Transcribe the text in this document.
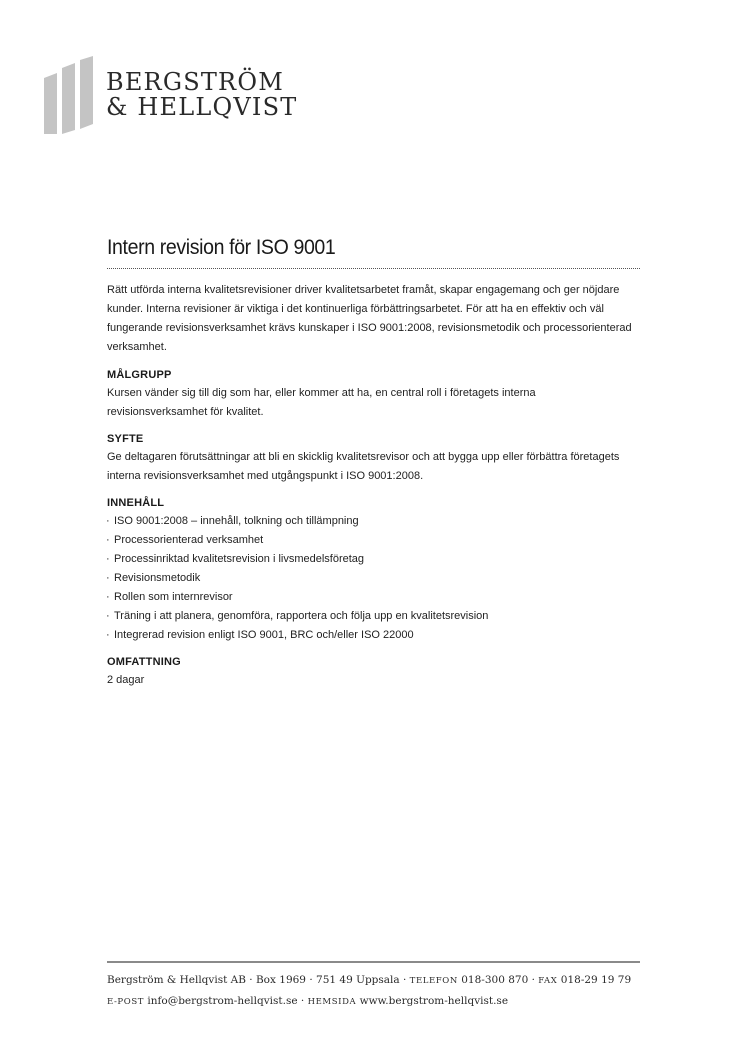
BERGSTRÖM
& HELLQVIST
Intern revision för ISO 9001

Rätt utförda interna kvalitetsrevisioner driver kvalitetsarbetet framåt, skapar engagemang och ger nöjdare kunder. Interna revisioner är viktiga i det kontinuerliga förbättringsarbetet. För att ha en effektiv och väl fungerande revisionsverksamhet krävs kunskaper i ISO 9001:2008, revisionsmetodik och processorienterad verksamhet.

MÅLGRUPP

Kursen vänder sig till dig som har, eller kommer att ha, en central roll i företagets interna revisionsverksamhet för kvalitet.

SYFTE

Ge deltagaren förutsättningar att bli en skicklig kvalitetsrevisor och att bygga upp eller förbättra företagets interna revisionsverksamhet med utgångspunkt i ISO 9001:2008.

INNEHÅLL
· ISO 9001:2008 – innehåll, tolkning och tillämpning
· Processorienterad verksamhet
· Processinriktad kvalitetsrevision i livsmedelsföretag
· Revisionsmetodik
· Rollen som internrevisor
· Träning i att planera, genomföra, rapportera och följa upp en kvalitetsrevision
· Integrerad revision enligt ISO 9001, BRC och/eller ISO 22000
OMFATTNING

2 dagar

Bergström & Hellqvist AB · Box 1969 · 751 49 Uppsala · TELEFON 018-300 870 · FAX 018-29 19 79
E-POST info@bergstrom-hellqvist.se · HEMSIDA www.bergstrom-hellqvist.se
